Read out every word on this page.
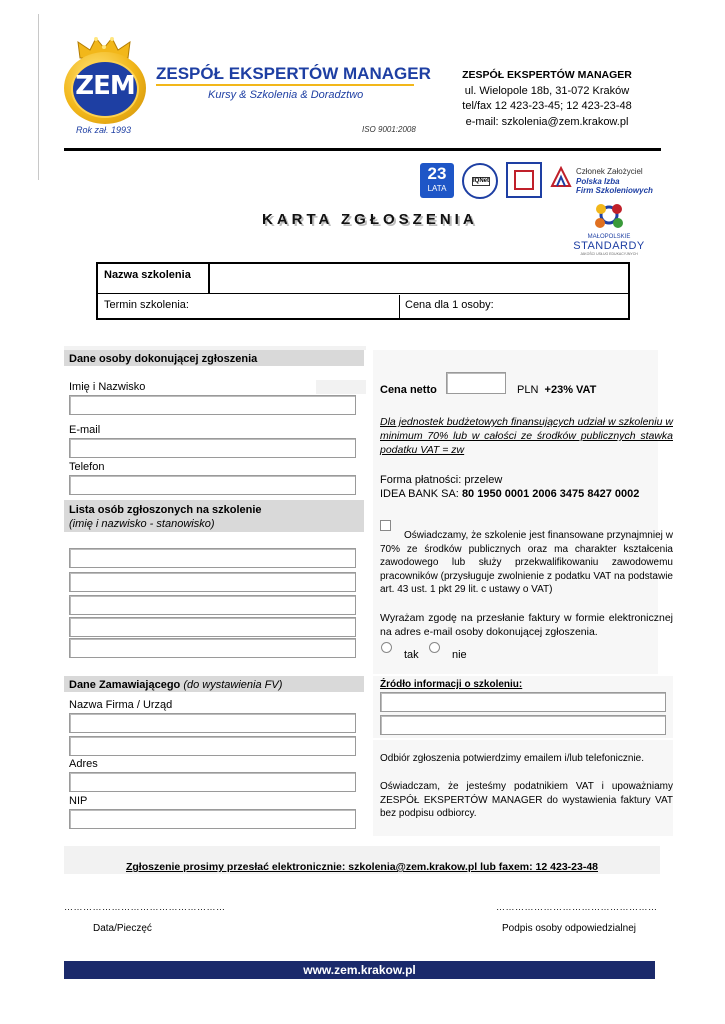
ZEM
Rok zał. 1993
ZESPÓŁ EKSPERTÓW MANAGER
Kursy & Szkolenia & Doradztwo
ISO 9001:2008
ZESPÓŁ EKSPERTÓW MANAGER
ul. Wielopole 18b, 31-072 Kraków
tel/fax 12 423-23-45; 12 423-23-48
e-mail: szkolenia@zem.krakow.pl
23
LATA
IQNet
Członek Założyciel
Polska Izba
Firm Szkoleniowych
MAŁOPOLSKIE
STANDARDY
JAKOŚCI USŁUG EDUKACYJNYCH
KARTA ZGŁOSZENIA
Nazwa szkolenia
Termin szkolenia:	Cena dla 1 osoby:
Dane osoby dokonującej zgłoszenia
Imię i Nazwisko
E-mail
Telefon
Lista osób zgłoszonych na szkolenie
(imię i nazwisko - stanowisko)
Dane Zamawiającego (do wystawienia FV)
Nazwa Firma / Urząd
Adres
NIP
Cena netto	PLN +23% VAT
Dla jednostek budżetowych finansujących udział w szkoleniu w minimum 70% lub w całości ze środków publicznych stawka podatku VAT = zw
Forma płatności: przelew
IDEA BANK SA: 80 1950 0001 2006 3475 8427 0002
Oświadczamy, że szkolenie jest finansowane przynajmniej w 70% ze środków publicznych oraz ma charakter kształcenia zawodowego lub służy przekwalifikowaniu zawodowemu pracowników (przysługuje zwolnienie z podatku VAT na podstawie art. 43 ust. 1 pkt 29 lit. c ustawy o VAT)
Wyrażam zgodę na przesłanie faktury w formie elektronicznej na adres e-mail osoby dokonującej zgłoszenia.
tak	nie
Źródło informacji o szkoleniu:
Odbiór zgłoszenia potwierdzimy emailem i/lub telefonicznie.
Oświadczam, że jesteśmy podatnikiem VAT i upoważniamy ZESPÓŁ EKSPERTÓW MANAGER do wystawienia faktury VAT bez podpisu odbiorcy.
Zgłoszenie prosimy przesłać elektronicznie: szkolenia@zem.krakow.pl lub faxem: 12 423-23-48
……………………………………………	……………………………………………
Data/Pieczęć	Podpis osoby odpowiedzialnej
www.zem.krakow.pl
